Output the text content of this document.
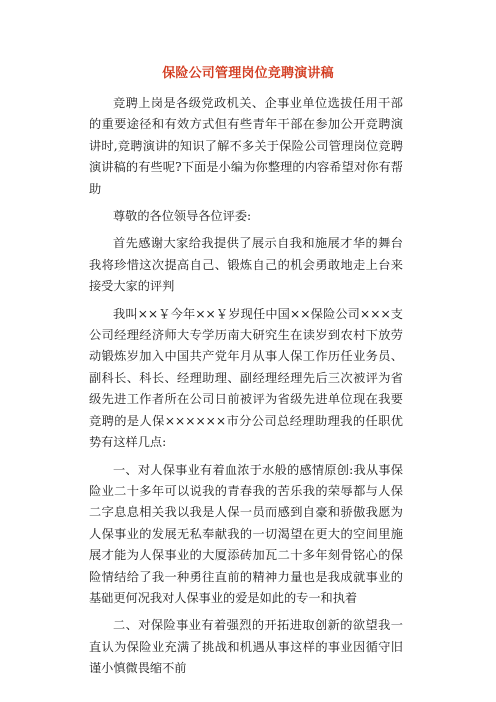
保险公司管理岗位竞聘演讲稿

竞聘上岗是各级党政机关、企事业单位选拔任用干部的重要途径和有效方式但有些青年干部在参加公开竞聘演讲时,竞聘演讲的知识了解不多关于保险公司管理岗位竞聘演讲稿的有些呢?下面是小编为你整理的内容希望对你有帮助

尊敬的各位领导各位评委:

首先感谢大家给我提供了展示自我和施展才华的舞台我将珍惜这次提高自己、锻炼自己的机会勇敢地走上台来接受大家的评判

我叫××￥今年××￥岁现任中国××保险公司×××支公司经理经济师大专学历南大研究生在读岁到农村下放劳动锻炼岁加入中国共产党年月从事人保工作历任业务员、副科长、科长、经理助理、副经理经理先后三次被评为省级先进工作者所在公司日前被评为省级先进单位现在我要竞聘的是人保××××××市分公司总经理助理我的任职优势有这样几点:

一、对人保事业有着血浓于水般的感情原创:我从事保险业二十多年可以说我的青春我的苦乐我的荣辱都与人保二字息息相关我以我是人保一员而感到自豪和骄傲我愿为人保事业的发展无私奉献我的一切渴望在更大的空间里施展才能为人保事业的大厦添砖加瓦二十多年刻骨铭心的保险情结给了我一种勇往直前的精神力量也是我成就事业的基础更何况我对人保事业的爱是如此的专一和执着

二、对保险事业有着强烈的开拓进取创新的欲望我一直认为保险业充满了挑战和机遇从事这样的事业因循守旧谨小慎微畏缩不前
